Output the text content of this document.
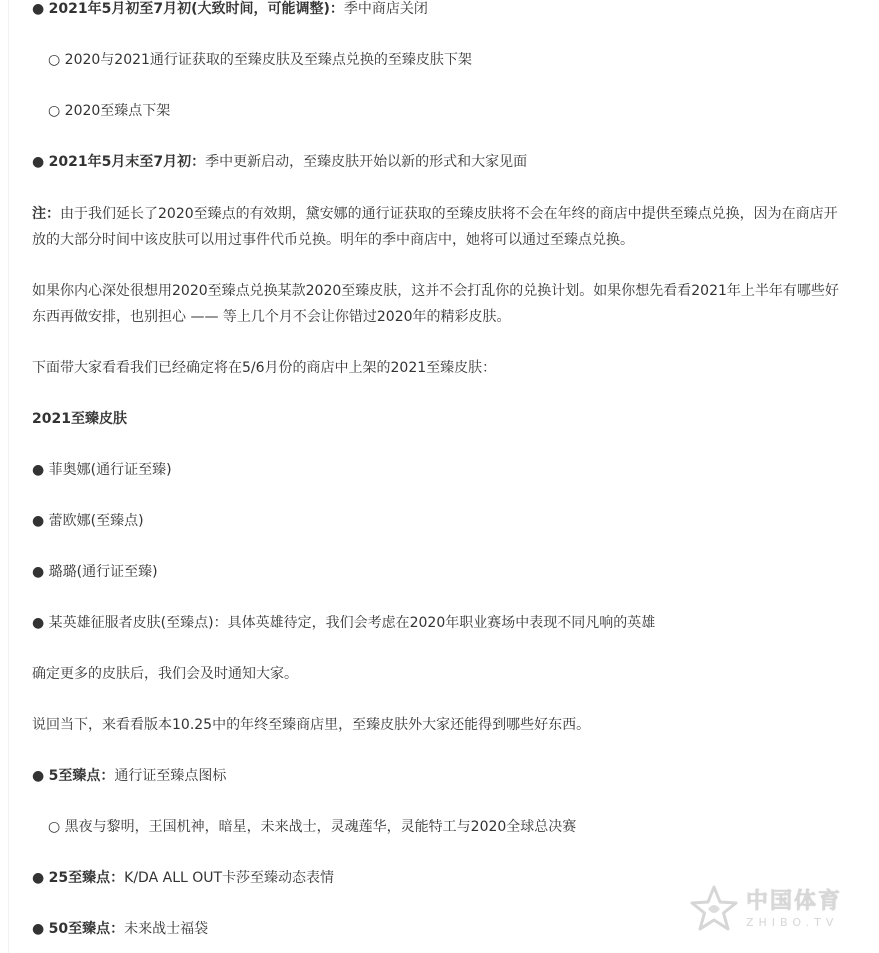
● 2021年5月初至7月初(大致时间，可能调整)：季中商店关闭
○ 2020与2021通行证获取的至臻皮肤及至臻点兑换的至臻皮肤下架
○ 2020至臻点下架
● 2021年5月末至7月初：季中更新启动，至臻皮肤开始以新的形式和大家见面
注：由于我们延长了2020至臻点的有效期，黛安娜的通行证获取的至臻皮肤将不会在年终的商店中提供至臻点兑换，因为在商店开放的大部分时间中该皮肤可以用过事件代币兑换。明年的季中商店中，她将可以通过至臻点兑换。
如果你内心深处很想用2020至臻点兑换某款2020至臻皮肤，这并不会打乱你的兑换计划。如果你想先看看2021年上半年有哪些好东西再做安排，也别担心 —— 等上几个月不会让你错过2020年的精彩皮肤。
下面带大家看看我们已经确定将在5/6月份的商店中上架的2021至臻皮肤：
2021至臻皮肤
● 菲奥娜(通行证至臻)
● 蕾欧娜(至臻点)
● 璐璐(通行证至臻)
● 某英雄征服者皮肤(至臻点)：具体英雄待定，我们会考虑在2020年职业赛场中表现不同凡响的英雄
确定更多的皮肤后，我们会及时通知大家。
说回当下，来看看版本10.25中的年终至臻商店里，至臻皮肤外大家还能得到哪些好东西。
● 5至臻点：通行证至臻点图标
○ 黑夜与黎明，王国机神，暗星，未来战士，灵魂莲华，灵能特工与2020全球总决赛
● 25至臻点：K/DA ALL OUT卡莎至臻动态表情
● 50至臻点：未来战士福袋
中国体育
ZHIBO.TV
